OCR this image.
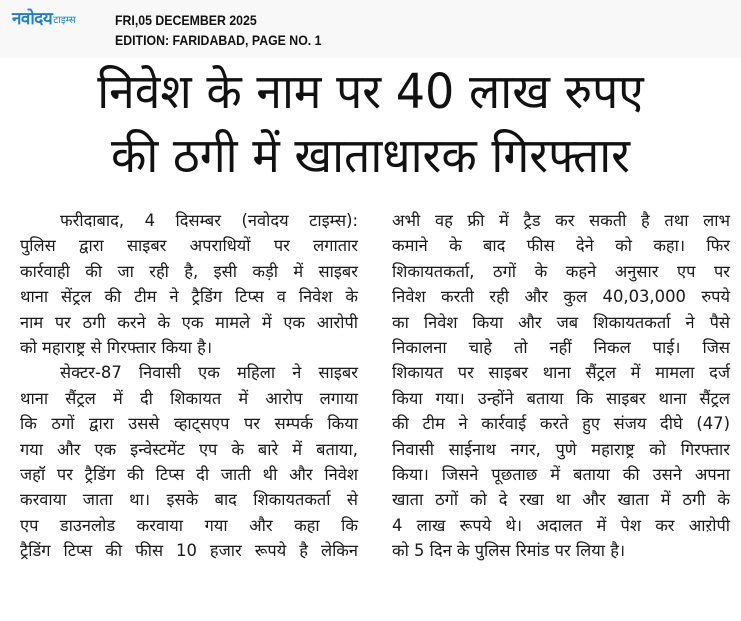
नवोदय टाइम्स	FRI,05 DECEMBER 2025
EDITION: FARIDABAD, PAGE NO. 1
निवेश के नाम पर 40 लाख रुपए
की ठगी में खाताधारक गिरफ्तार
फरीदाबाद, 4 दिसम्बर (नवोदय टाइम्स):
पुलिस द्वारा साइबर अपराधियों पर लगातार
कार्रवाही की जा रही है, इसी कड़ी में साइबर
थाना सेंट्रल की टीम ने ट्रैडिंग टिप्स व निवेश के
नाम पर ठगी करने के एक मामले में एक आरोपी
को महाराष्ट्र से गिरफ्तार किया है।
सेक्टर-87 निवासी एक महिला ने साइबर
थाना सैंट्रल में दी शिकायत में आरोप लगाया
कि ठगों द्वारा उससे व्हाट्सएप पर सम्पर्क किया
गया और एक इन्वेस्टमेंट एप के बारे में बताया,
जहॉ पर ट्रैडिंग की टिप्स दी जाती थी और निवेश
करवाया जाता था। इसके बाद शिकायतकर्ता से
एप डाउनलोड करवाया गया और कहा कि
ट्रैडिंग टिप्स की फीस 10 हजार रूपये है लेकिन
अभी वह फ्री में ट्रैड कर सकती है तथा लाभ
कमाने के बाद फीस देने को कहा। फिर
शिकायतकर्ता, ठगों के कहने अनुसार एप पर
निवेश करती रही और कुल 40,03,000 रुपये
का निवेश किया और जब शिकायतकर्ता ने पैसे
निकालना चाहे तो नहीं निकल पाई। जिस
शिकायत पर साइबर थाना सैंट्रल में मामला दर्ज
किया गया। उन्होंने बताया कि साइबर थाना सैंट्रल
की टीम ने कार्रवाई करते हुए संजय दीघे (47)
निवासी साईनाथ नगर, पुणे महाराष्ट्र को गिरफ्तार
किया। जिसने पूछताछ में बताया की उसने अपना
खाता ठगों को दे रखा था और खाता में ठगी के
4 लाख रूपये थे। अदालत में पेश कर आऱोपी
को 5 दिन के पुलिस रिमांड पर लिया है।
